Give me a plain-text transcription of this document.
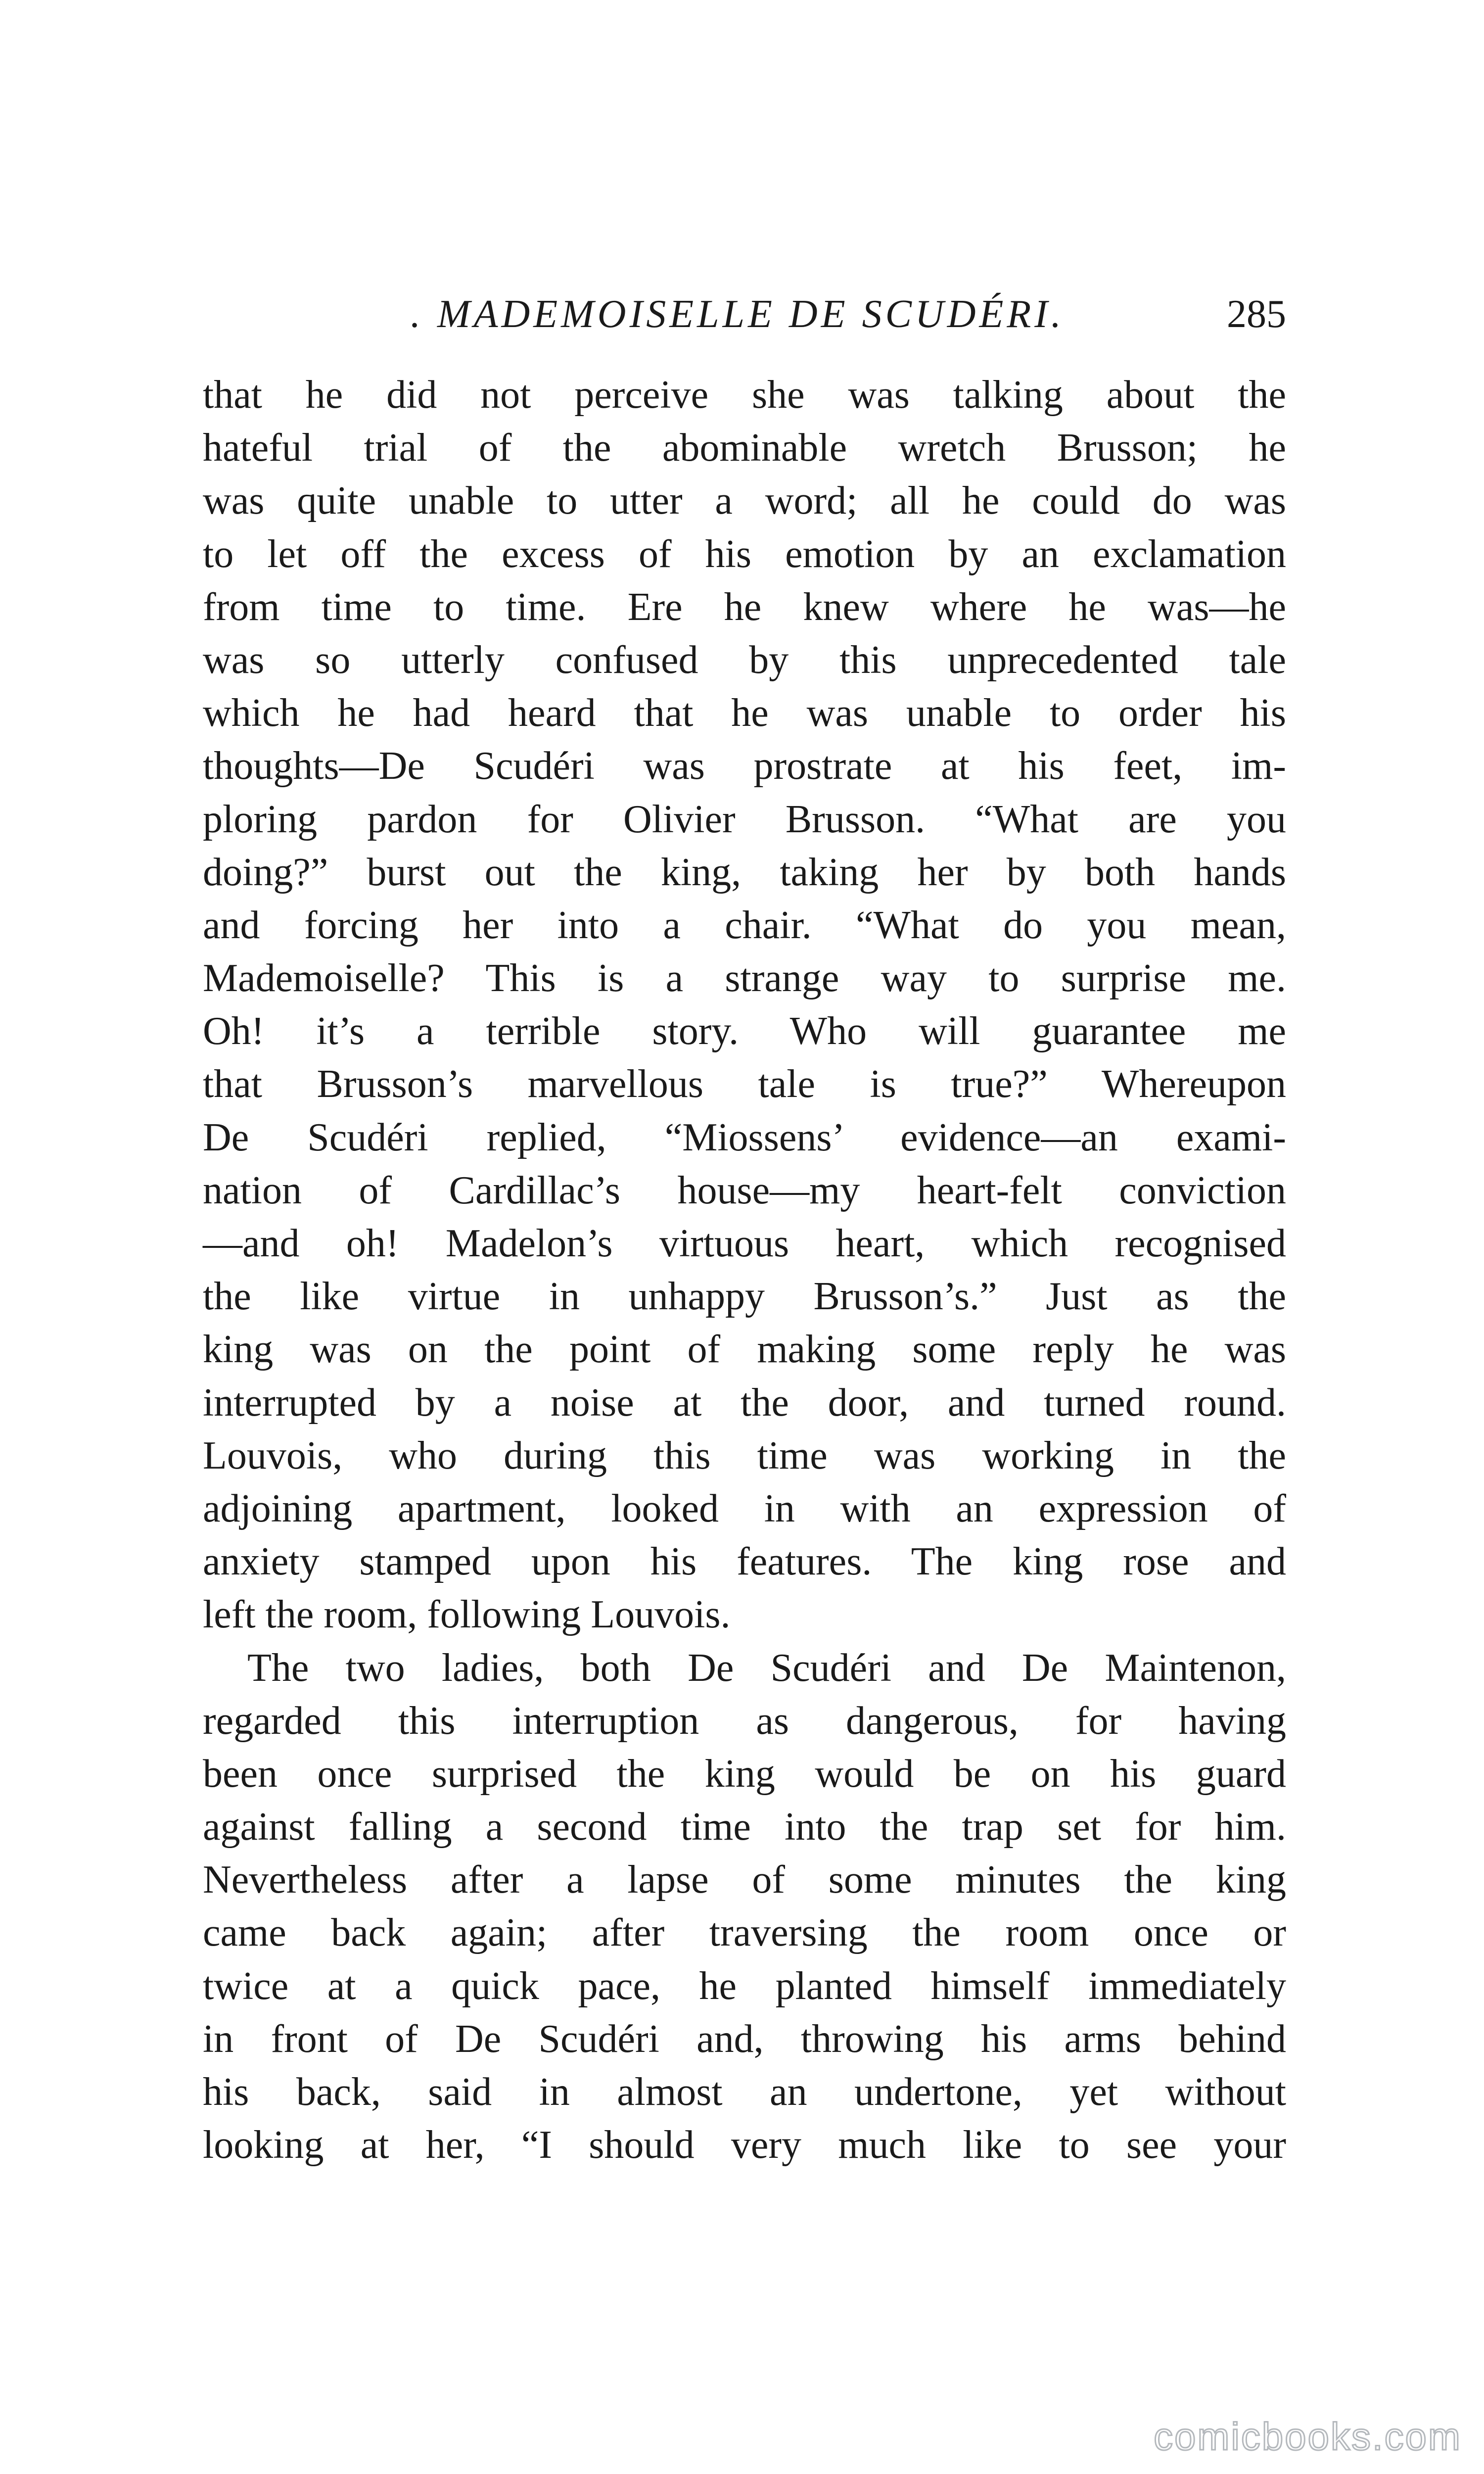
. MADEMOISELLE DE SCUDÉRI.	285
that he did not perceive she was talking about the
hateful trial of the abominable wretch Brusson; he
was quite unable to utter a word; all he could do was
to let off the excess of his emotion by an exclamation
from time to time. Ere he knew where he was—he
was so utterly confused by this unprecedented tale
which he had heard that he was unable to order his
thoughts—De Scudéri was prostrate at his feet, im-
ploring pardon for Olivier Brusson. “What are you
doing?” burst out the king, taking her by both hands
and forcing her into a chair. “What do you mean,
Mademoiselle? This is a strange way to surprise me.
Oh! it’s a terrible story. Who will guarantee me
that Brusson’s marvellous tale is true?” Whereupon
De Scudéri replied, “Miossens’ evidence—an exami-
nation of Cardillac’s house—my heart-felt conviction
—and oh! Madelon’s virtuous heart, which recognised
the like virtue in unhappy Brusson’s.” Just as the
king was on the point of making some reply he was
interrupted by a noise at the door, and turned round.
Louvois, who during this time was working in the
adjoining apartment, looked in with an expression of
anxiety stamped upon his features. The king rose and
left the room, following Louvois.
The two ladies, both De Scudéri and De Maintenon,
regarded this interruption as dangerous, for having
been once surprised the king would be on his guard
against falling a second time into the trap set for him.
Nevertheless after a lapse of some minutes the king
came back again; after traversing the room once or
twice at a quick pace, he planted himself immediately
in front of De Scudéri and, throwing his arms behind
his back, said in almost an undertone, yet without
looking at her, “I should very much like to see your
comicbooks.com
